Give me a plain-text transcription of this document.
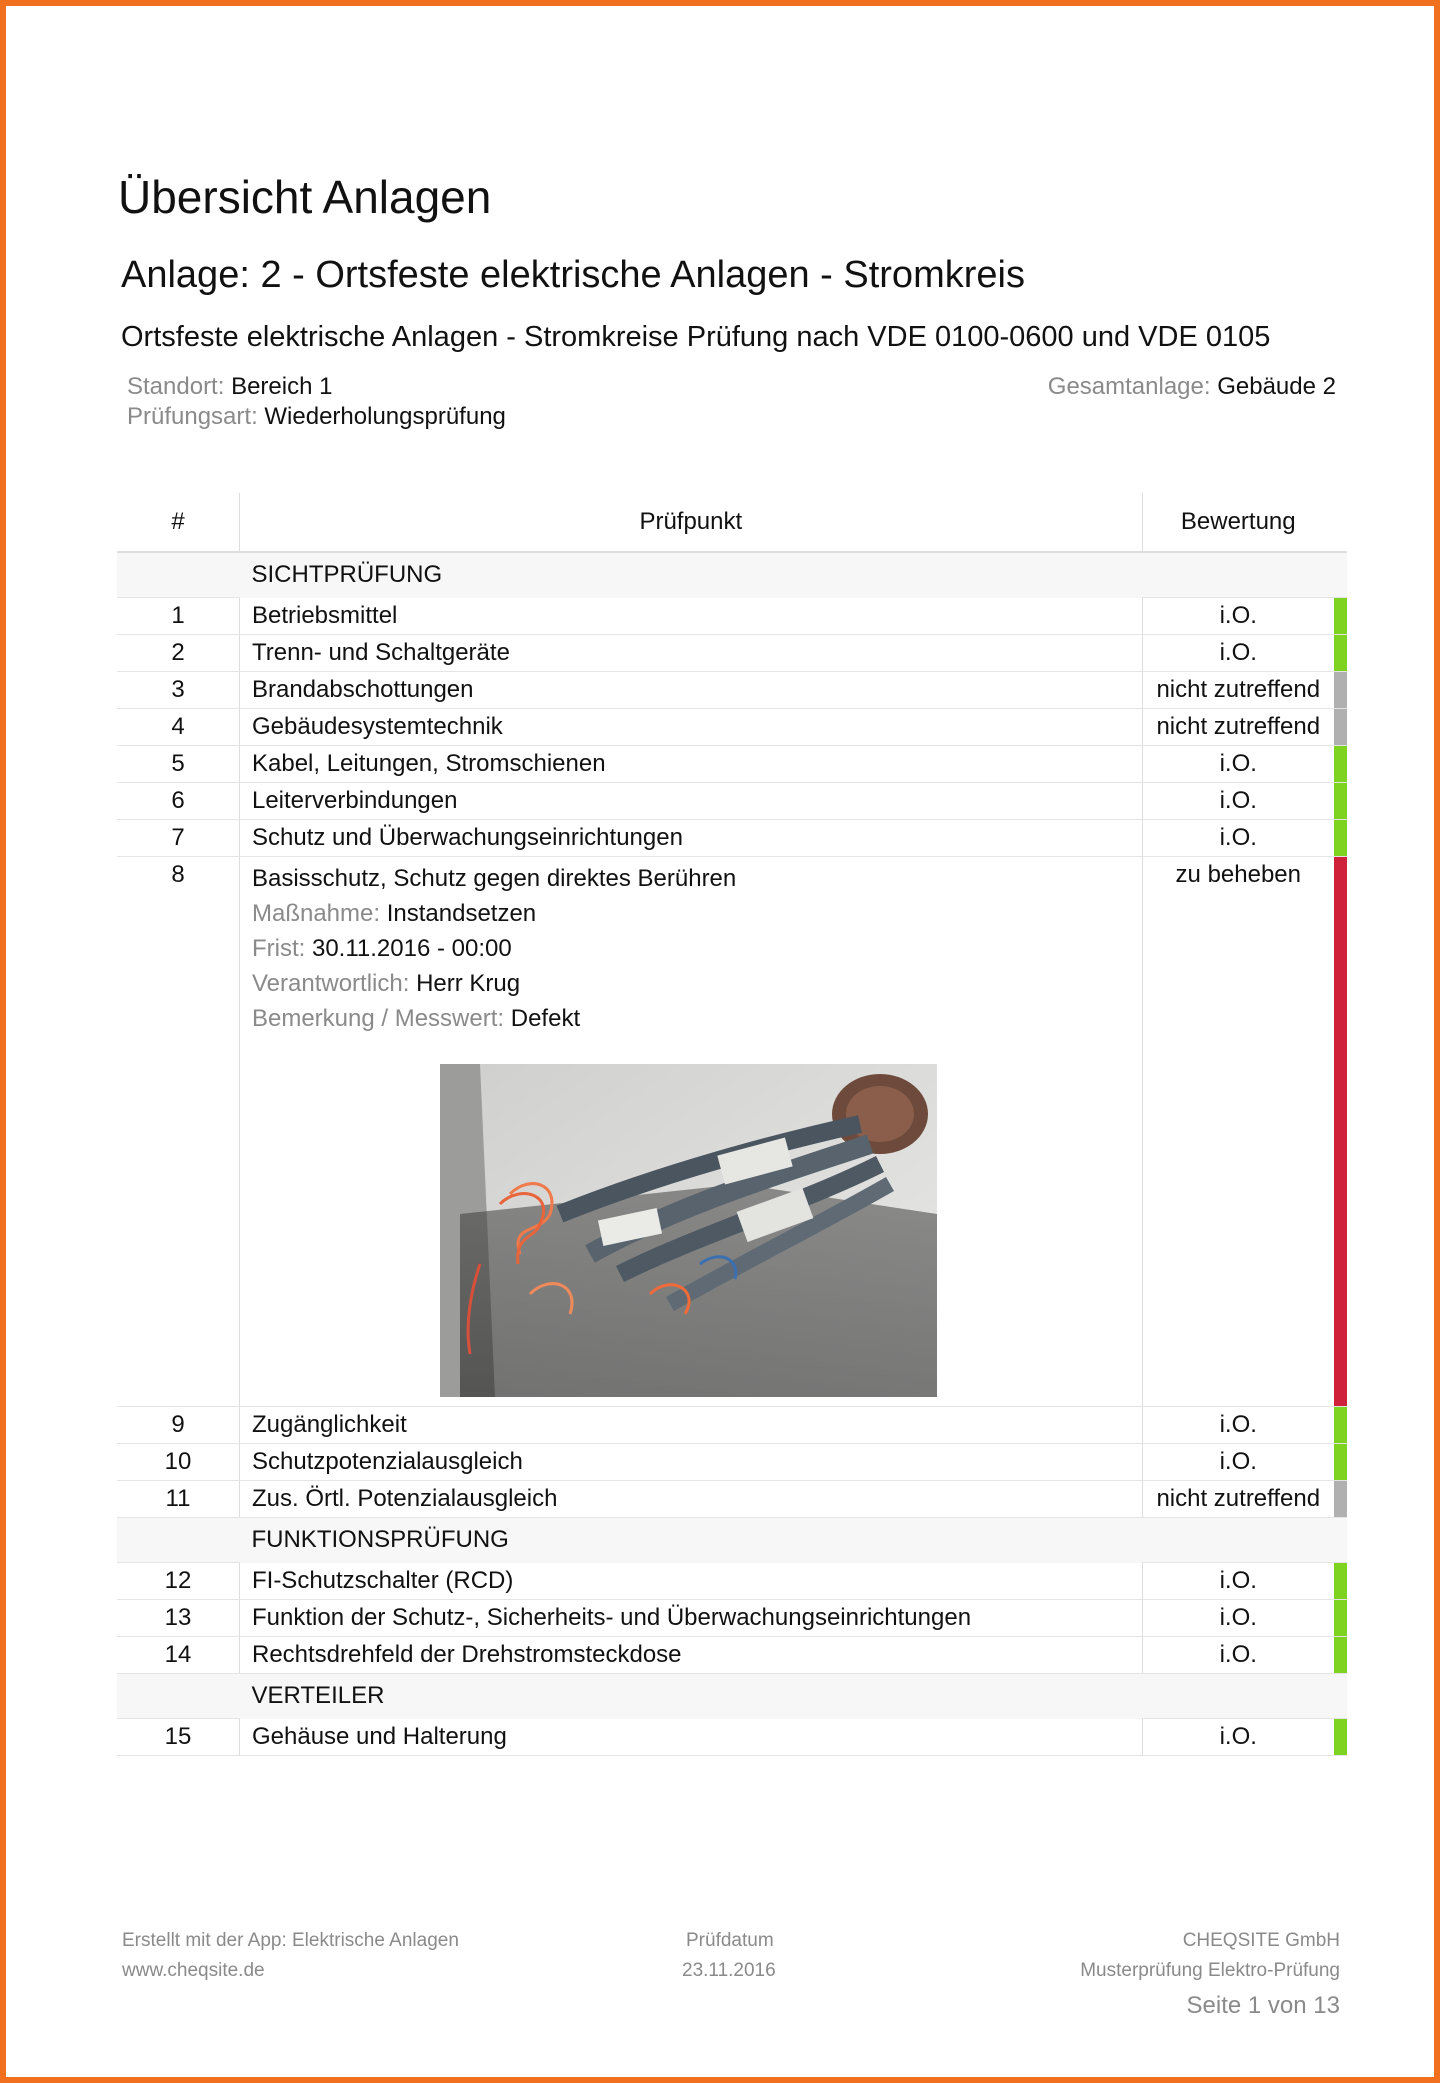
Übersicht Anlagen
Anlage: 2 - Ortsfeste elektrische Anlagen - Stromkreis
Ortsfeste elektrische Anlagen - Stromkreise Prüfung nach VDE 0100-0600 und VDE 0105
Standort: Bereich 1
Prüfungsart: Wiederholungsprüfung
Gesamtanlage: Gebäude 2
#	Prüfpunkt	Bewertung	
	SICHTPRÜFUNG		
1	Betriebsmittel	i.O.	
2	Trenn- und Schaltgeräte	i.O.	
3	Brandabschottungen	nicht zutreffend	
4	Gebäudesystemtechnik	nicht zutreffend	
5	Kabel, Leitungen, Stromschienen	i.O.	
6	Leiterverbindungen	i.O.	
7	Schutz und Überwachungseinrichtungen	i.O.	
8	Basisschutz, Schutz gegen direktes Berühren
Maßnahme: Instandsetzen
Frist: 30.11.2016 - 00:00
Verantwortlich: Herr Krug
Bemerkung / Messwert: Defekt	zu beheben	
9	Zugänglichkeit	i.O.	
10	Schutzpotenzialausgleich	i.O.	
11	Zus. Örtl. Potenzialausgleich	nicht zutreffend	
	FUNKTIONSPRÜFUNG		
12	FI-Schutzschalter (RCD)	i.O.	
13	Funktion der Schutz-, Sicherheits- und Überwachungseinrichtungen	i.O.	
14	Rechtsdrehfeld der Drehstromsteckdose	i.O.	
	VERTEILER		
15	Gehäuse und Halterung	i.O.	
Erstellt mit der App: Elektrische Anlagen
www.cheqsite.de
Prüfdatum
23.11.2016
CHEQSITE GmbH
Musterprüfung Elektro-Prüfung
Seite 1 von 13
